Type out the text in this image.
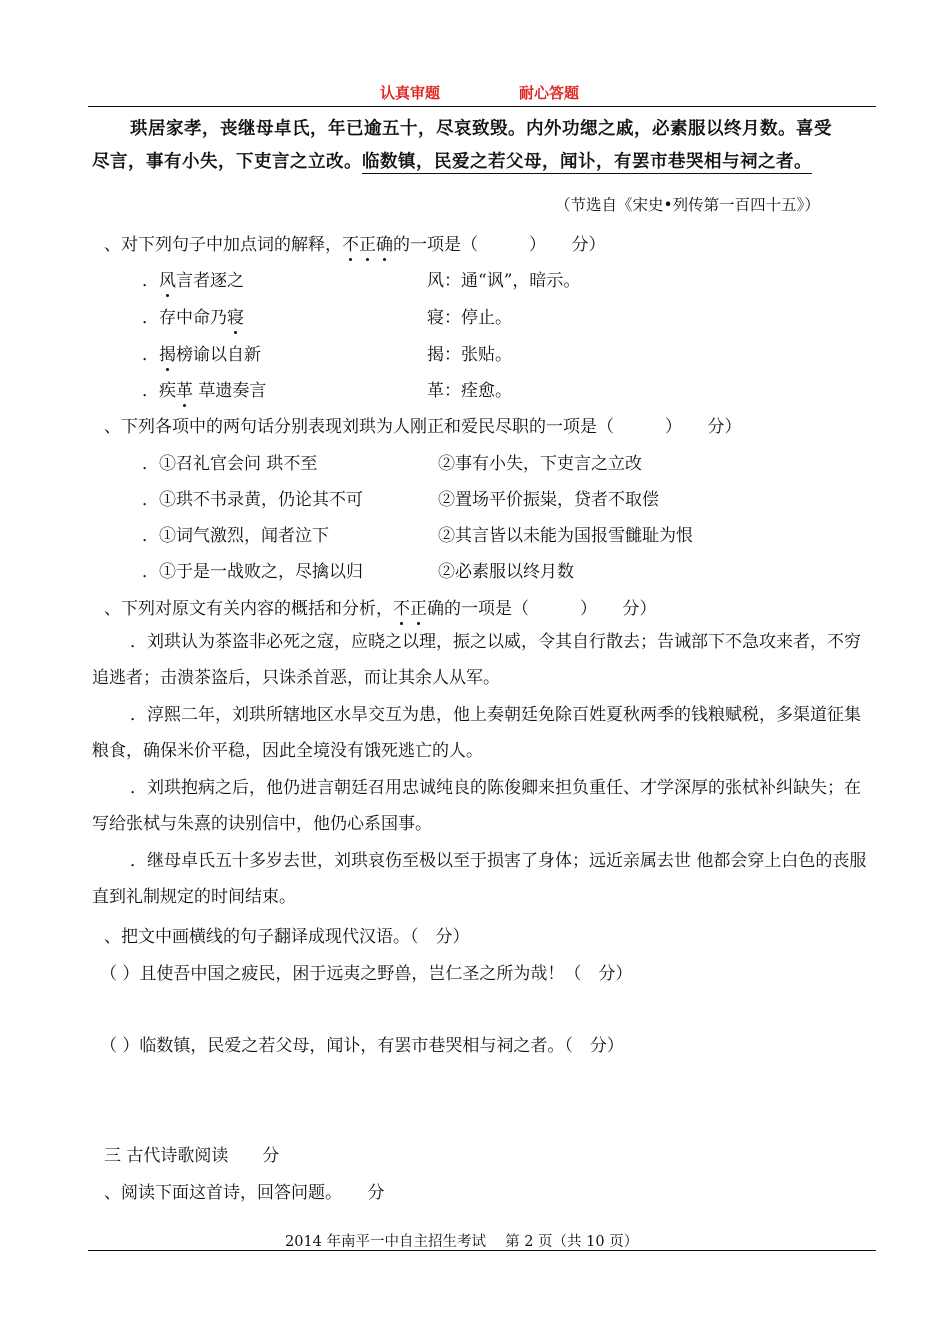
认真审题	耐心答题
珙居家孝，丧继母卓氏，年已逾五十，尽哀致毁。内外功缌之戚，必素服以终月数。喜受
尽言，事有小失，下吏言之立改。临数镇，民爱之若父母，闻讣，有罢市巷哭相与祠之者。
（节选自《宋史•列传第一百四十五》）
、对下列句子中加点词的解释，不正确的一项是（　　　）　　分）
．风言者逐之	风：通“讽”，暗示。
．存中命乃寝	寝：停止。
．揭榜谕以自新	揭：张贴。
．疾革 草遗奏言	革：痊愈。
、下列各项中的两句话分别表现刘珙为人刚正和爱民尽职的一项是（　　　）　　分）
．①召礼官会问 珙不至	②事有小失，下吏言之立改
．①珙不书录黄，仍论其不可	②置场平价振粜，贷者不取偿
．①词气激烈，闻者泣下	②其言皆以未能为国报雪雠耻为恨
．①于是一战败之，尽擒以归	②必素服以终月数
、下列对原文有关内容的概括和分析，不正确的一项是（　　　）　　分）
．刘珙认为茶盗非必死之寇，应晓之以理，振之以威，令其自行散去；告诫部下不急攻来者，不穷追逃者；击溃茶盗后，只诛杀首恶，而让其余人从军。
．淳熙二年，刘珙所辖地区水旱交互为患，他上奏朝廷免除百姓夏秋两季的钱粮赋税，多渠道征集粮食，确保米价平稳，因此全境没有饿死逃亡的人。
．刘珙抱病之后，他仍进言朝廷召用忠诚纯良的陈俊卿来担负重任、才学深厚的张栻补纠缺失；在写给张栻与朱熹的诀别信中，他仍心系国事。
．继母卓氏五十多岁去世，刘珙哀伤至极以至于损害了身体；远近亲属去世 他都会穿上白色的丧服直到礼制规定的时间结束。
、把文中画横线的句子翻译成现代汉语。（　分）
（ ）且使吾中国之疲民，困于远夷之野兽，岂仁圣之所为哉！（　分）
（ ）临数镇，民爱之若父母，闻讣，有罢市巷哭相与祠之者。（　分）
三 古代诗歌阅读　　分
、阅读下面这首诗，回答问题。　　分
2014 年南平一中自主招生考试　 第 2 页（共 10 页）
